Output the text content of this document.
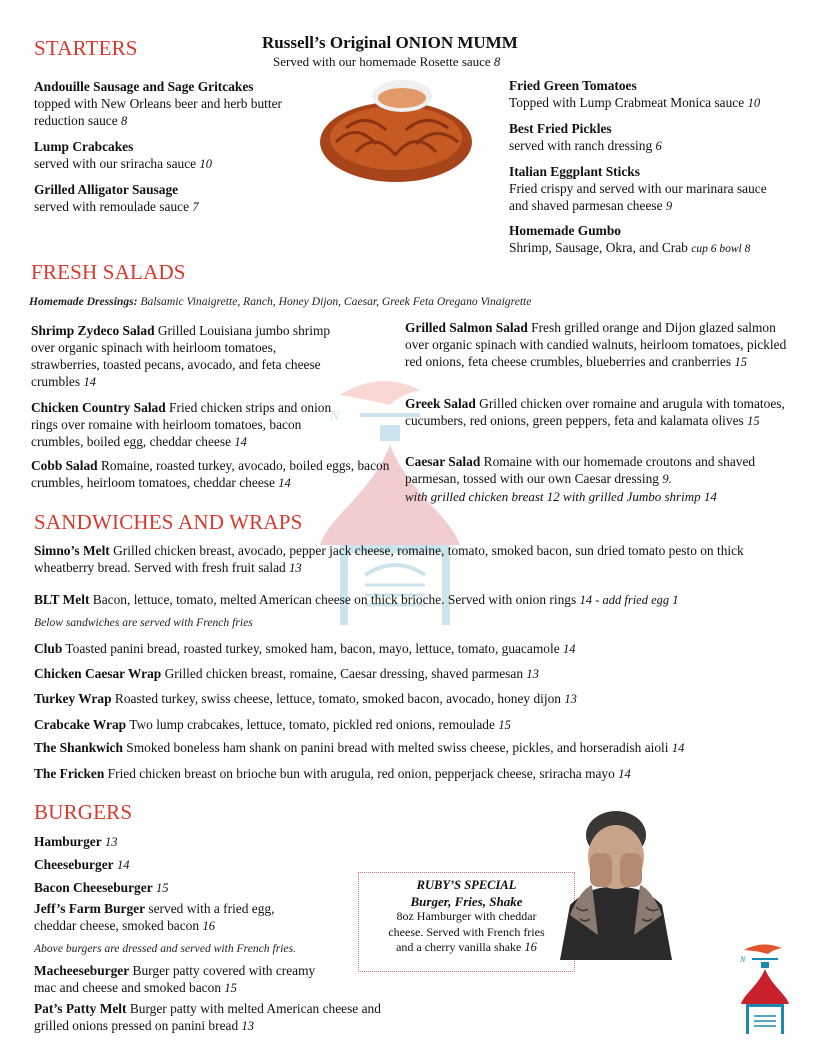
Russell’s Original ONION MUMM
Served with our homemade Rosette sauce 8
STARTERS
Andouille Sausage and Sage Gritcakes
topped with New Orleans beer and herb butter reduction sauce 8
Lump Crabcakes
served with our sriracha sauce 10
Grilled Alligator Sausage
served with remoulade sauce 7
Fried Green Tomatoes
Topped with Lump Crabmeat Monica sauce 10
Best Fried Pickles
served with ranch dressing 6
Italian Eggplant Sticks
Fried crispy and served with our marinara sauce and shaved parmesan cheese 9
Homemade Gumbo
Shrimp, Sausage, Okra, and Crab cup 6 bowl 8
N
FRESH SALADS
Homemade Dressings: Balsamic Vinaigrette, Ranch, Honey Dijon, Caesar, Greek Feta Oregano Vinaigrette
Shrimp Zydeco Salad Grilled Louisiana jumbo shrimp over organic spinach with heirloom tomatoes, strawberries, toasted pecans, avocado, and feta cheese crumbles 14
Chicken Country Salad Fried chicken strips and onion rings over romaine with heirloom tomatoes, bacon crumbles, boiled egg, cheddar cheese 14
Cobb Salad Romaine, roasted turkey, avocado, boiled eggs, bacon crumbles, heirloom tomatoes, cheddar cheese 14
Grilled Salmon Salad Fresh grilled orange and Dijon glazed salmon over organic spinach with candied walnuts, heirloom tomatoes, pickled red onions, feta cheese crumbles, blueberries and cranberries 15
Greek Salad Grilled chicken over romaine and arugula with tomatoes, cucumbers, red onions, green peppers, feta and kalamata olives 15
Caesar Salad Romaine with our homemade croutons and shaved parmesan, tossed with our own Caesar dressing 9.
with grilled chicken breast 12 with grilled Jumbo shrimp 14
SANDWICHES AND WRAPS
Simno’s Melt Grilled chicken breast, avocado, pepper jack cheese, romaine, tomato, smoked bacon, sun dried tomato pesto on thick wheatberry bread. Served with fresh fruit salad 13
BLT Melt Bacon, lettuce, tomato, melted American cheese on thick brioche. Served with onion rings 14 - add fried egg 1
Below sandwiches are served with French fries
Club Toasted panini bread, roasted turkey, smoked ham, bacon, mayo, lettuce, tomato, guacamole 14
Chicken Caesar Wrap Grilled chicken breast, romaine, Caesar dressing, shaved parmesan 13
Turkey Wrap Roasted turkey, swiss cheese, lettuce, tomato, smoked bacon, avocado, honey dijon 13
Crabcake Wrap Two lump crabcakes, lettuce, tomato, pickled red onions, remoulade 15
The Shankwich Smoked boneless ham shank on panini bread with melted swiss cheese, pickles, and horseradish aioli 14
The Fricken Fried chicken breast on brioche bun with arugula, red onion, pepperjack cheese, sriracha mayo 14
BURGERS
Hamburger 13
Cheeseburger 14
Bacon Cheeseburger 15
Jeff’s Farm Burger served with a fried egg, cheddar cheese, smoked bacon 16
Above burgers are dressed and served with French fries.
Macheeseburger Burger patty covered with creamy mac and cheese and smoked bacon 15
Pat’s Patty Melt Burger patty with melted American cheese and grilled onions pressed on panini bread 13
RUBY’S SPECIAL
Burger, Fries, Shake
8oz Hamburger with cheddar
cheese. Served with French fries
and a cherry vanilla shake 16
N
